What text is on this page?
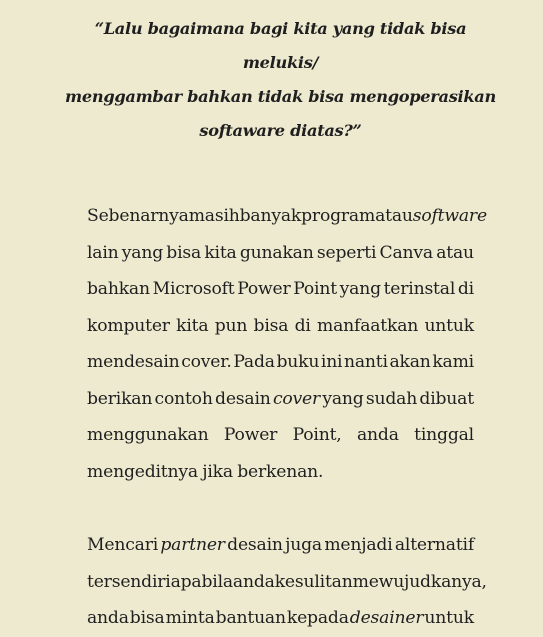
“Lalu bagaimana bagi kita yang tidak bisa melukis/
menggambar bahkan tidak bisa mengoperasikan
softaware diatas?”
Sebenarnya masih banyak program atau software
lain yang bisa kita gunakan seperti Canva atau
bahkan Microsoft Power Point yang terinstal di
komputer kita pun bisa di manfaatkan untuk
mendesain cover. Pada buku ini nanti akan kami
berikan contoh desain cover yang sudah dibuat
menggunakan Power Point, anda tinggal
mengeditnya jika berkenan.
Mencari partner desain juga menjadi alternatif
tersendiri apabila anda kesulitan mewujudkanya,
anda bisa minta bantuan kepada desainer untuk
